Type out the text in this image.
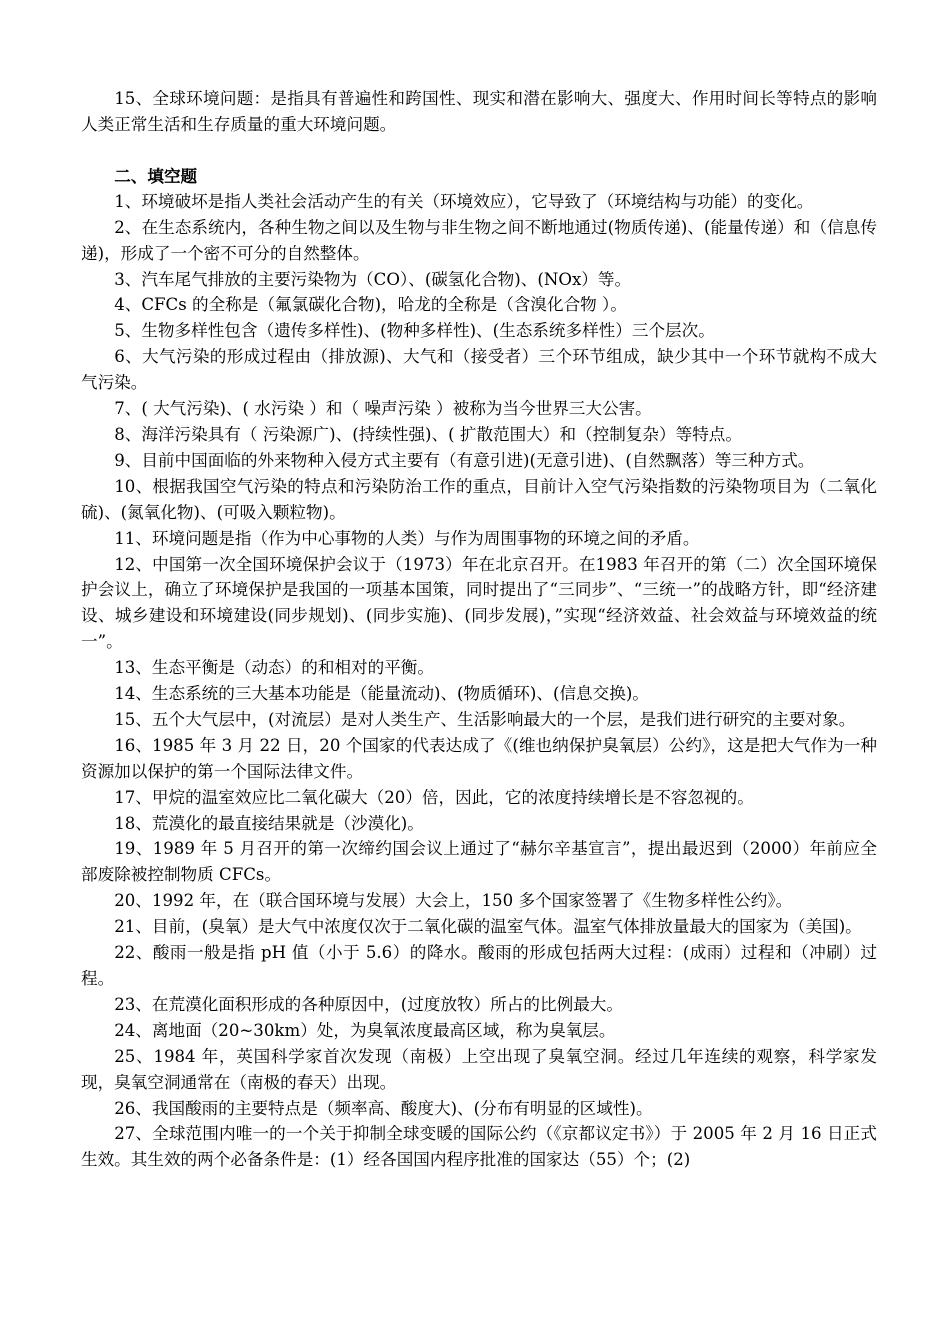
15、全球环境问题：是指具有普遍性和跨国性、现实和潜在影响大、强度大、作用时间长等特点的影响人类正常生活和生存质量的重大环境问题。

二、填空题

1、环境破坏是指人类社会活动产生的有关（环境效应），它导致了（环境结构与功能）的变化。

2、在生态系统内，各种生物之间以及生物与非生物之间不断地通过(物质传递)、(能量传递）和（信息传递)，形成了一个密不可分的自然整体。

3、汽车尾气排放的主要污染物为（CO）、(碳氢化合物)、(NOx）等。

4、CFCs 的全称是（氟氯碳化合物)，哈龙的全称是（含溴化合物 ）。

5、生物多样性包含（遗传多样性)、(物种多样性)、(生态系统多样性）三个层次。

6、大气污染的形成过程由（排放源)、大气和（接受者）三个环节组成，缺少其中一个环节就构不成大气污染。

7、( 大气污染)、( 水污染 ）和（ 噪声污染 ）被称为当今世界三大公害。

8、海洋污染具有（ 污染源广)、(持续性强)、( 扩散范围大）和（控制复杂）等特点。

9、目前中国面临的外来物种入侵方式主要有（有意引进)(无意引进)、(自然飘落）等三种方式。

10、根据我国空气污染的特点和污染防治工作的重点，目前计入空气污染指数的污染物项目为（二氧化硫)、(氮氧化物)、(可吸入颗粒物)。

11、环境问题是指（作为中心事物的人类）与作为周围事物的环境之间的矛盾。

12、中国第一次全国环境保护会议于（1973）年在北京召开。在1983 年召开的第（二）次全国环境保护会议上，确立了环境保护是我国的一项基本国策，同时提出了“三同步”、“三统一”的战略方针，即“经济建设、城乡建设和环境建设(同步规划)、(同步实施)、(同步发展)，”实现“经济效益、社会效益与环境效益的统一”。

13、生态平衡是（动态）的和相对的平衡。

14、生态系统的三大基本功能是（能量流动)、(物质循环)、(信息交换)。

15、五个大气层中，(对流层）是对人类生产、生活影响最大的一个层，是我们进行研究的主要对象。

16、1985 年 3 月 22 日，20 个国家的代表达成了《(维也纳保护臭氧层）公约》，这是把大气作为一种资源加以保护的第一个国际法律文件。

17、甲烷的温室效应比二氧化碳大（20）倍，因此，它的浓度持续增长是不容忽视的。

18、荒漠化的最直接结果就是（沙漠化)。

19、1989 年 5 月召开的第一次缔约国会议上通过了“赫尔辛基宣言”，提出最迟到（2000）年前应全部废除被控制物质 CFCs。

20、1992 年，在（联合国环境与发展）大会上，150 多个国家签署了《生物多样性公约》。

21、目前，(臭氧）是大气中浓度仅次于二氧化碳的温室气体。温室气体排放量最大的国家为（美国)。

22、酸雨一般是指 pH 值（小于 5.6）的降水。酸雨的形成包括两大过程：(成雨）过程和（冲刷）过程。

23、在荒漠化面积形成的各种原因中，(过度放牧）所占的比例最大。

24、离地面（20~30km）处，为臭氧浓度最高区域，称为臭氧层。

25、1984 年，英国科学家首次发现（南极）上空出现了臭氧空洞。经过几年连续的观察，科学家发现，臭氧空洞通常在（南极的春天）出现。

26、我国酸雨的主要特点是（频率高、酸度大)、(分布有明显的区域性)。

27、全球范围内唯一的一个关于抑制全球变暖的国际公约（《京都议定书》）于 2005 年 2 月 16 日正式生效。其生效的两个必备条件是：(1）经各国国内程序批准的国家达（55）个；(2)
